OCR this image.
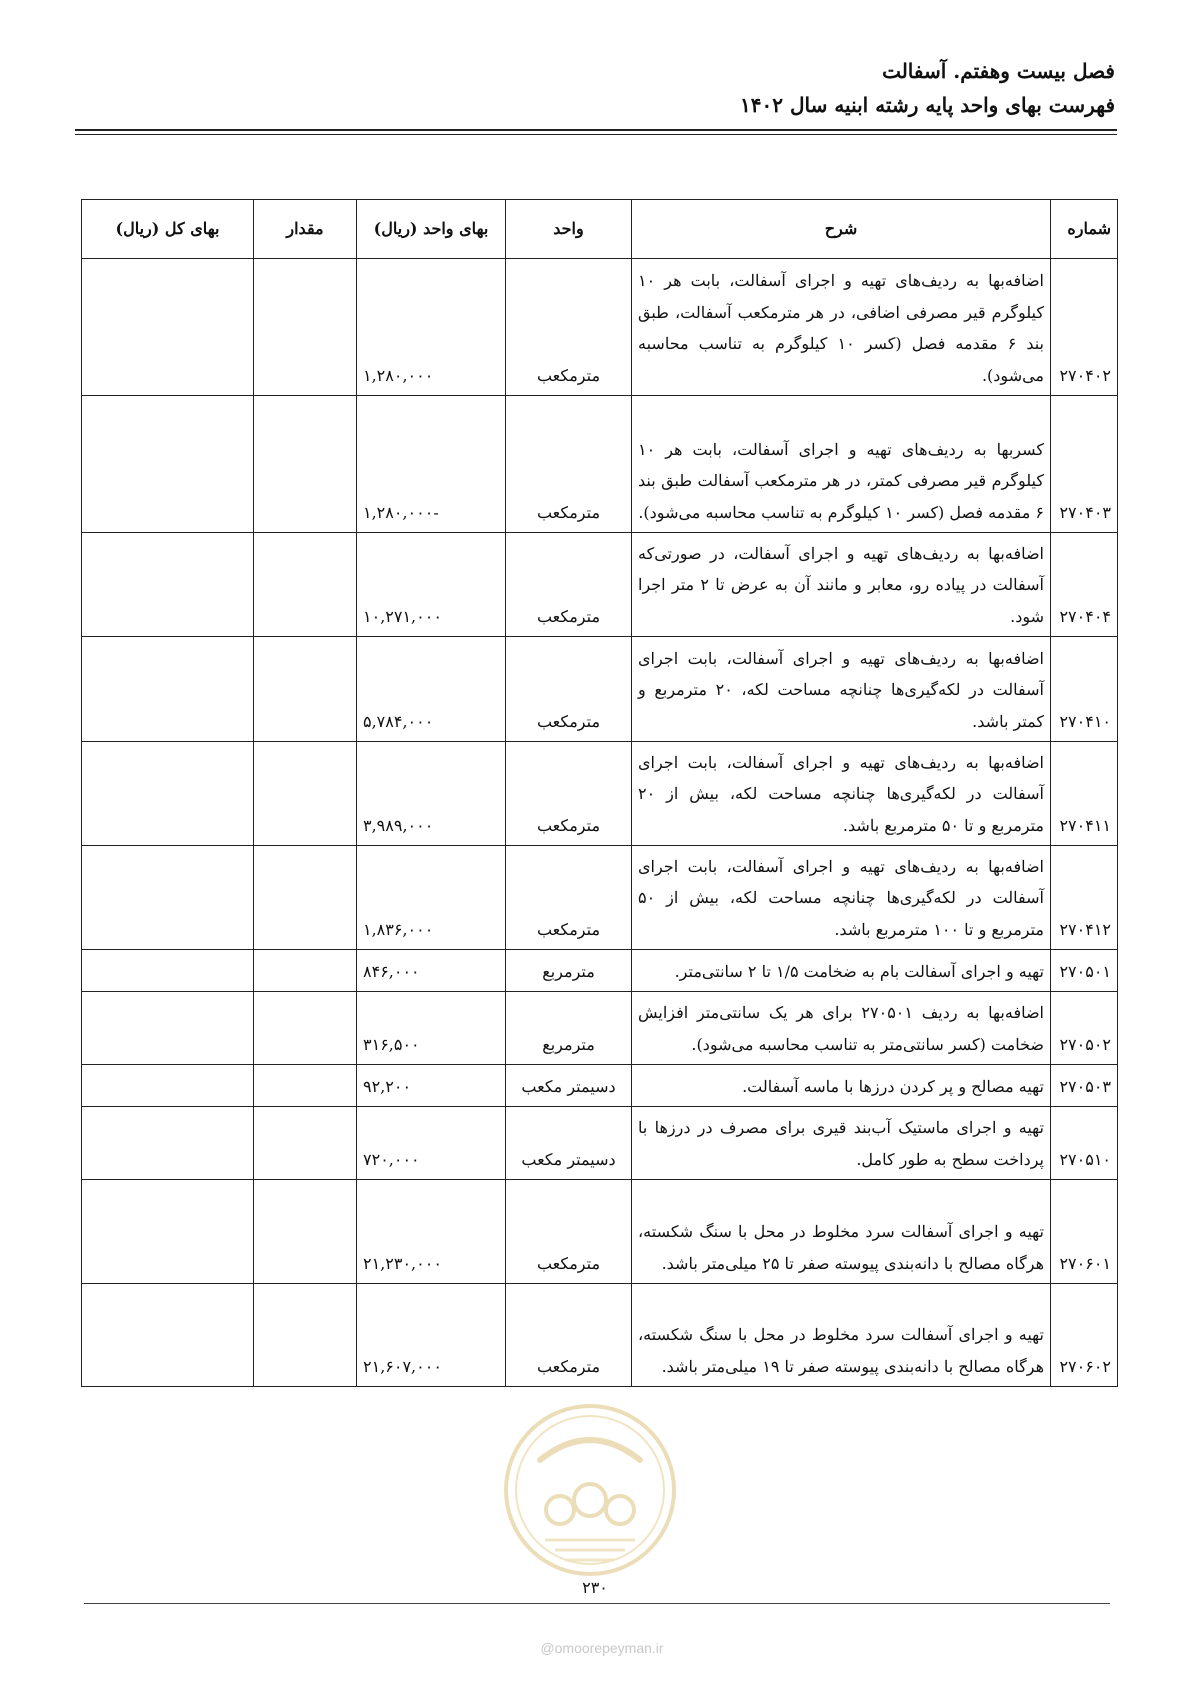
فصل بیست وهفتم. آسفالت
فهرست بهای واحد پایه رشته ابنیه سال ۱۴۰۲
شماره	شرح	واحد	بهای واحد (ریال)	مقدار	بهای کل (ریال)
۲۷۰۴۰۲	اضافه‌بها به ردیف‌های تهیه و اجرای آسفالت، بابت هر ۱۰ کیلوگرم قیر مصرفی اضافی، در هر مترمکعب آسفالت، طبق بند ۶ مقدمه فصل (کسر ۱۰ کیلوگرم به تناسب محاسبه می‌شود).	مترمکعب	۱,۲۸۰,۰۰۰		
۲۷۰۴۰۳	کسربها به ردیف‌های تهیه و اجرای آسفالت، بابت هر ۱۰ کیلوگرم قیر مصرفی کمتر، در هر مترمکعب آسفالت طبق بند ۶ مقدمه فصل (کسر ۱۰ کیلوگرم به تناسب محاسبه می‌شود).	مترمکعب	-۱,۲۸۰,۰۰۰		
۲۷۰۴۰۴	اضافه‌بها به ردیف‌های تهیه و اجرای آسفالت، در صورتی‌که آسفالت در پیاده رو، معابر و مانند آن به عرض تا ۲ متر اجرا شود.	مترمکعب	۱۰,۲۷۱,۰۰۰		
۲۷۰۴۱۰	اضافه‌بها به ردیف‌های تهیه و اجرای آسفالت، بابت اجرای آسفالت در لکه‌گیری‌ها چنانچه مساحت لکه، ۲۰ مترمربع و کمتر باشد.	مترمکعب	۵,۷۸۴,۰۰۰		
۲۷۰۴۱۱	اضافه‌بها به ردیف‌های تهیه و اجرای آسفالت، بابت اجرای آسفالت در لکه‌گیری‌ها چنانچه مساحت لکه، بیش از ۲۰ مترمربع و تا ۵۰ مترمربع باشد.	مترمکعب	۳,۹۸۹,۰۰۰		
۲۷۰۴۱۲	اضافه‌بها به ردیف‌های تهیه و اجرای آسفالت، بابت اجرای آسفالت در لکه‌گیری‌ها چنانچه مساحت لکه، بیش از ۵۰ مترمربع و تا ۱۰۰ مترمربع باشد.	مترمکعب	۱,۸۳۶,۰۰۰		
۲۷۰۵۰۱	تهیه و اجرای آسفالت بام به ضخامت ۱/۵ تا ۲ سانتی‌متر.	مترمربع	۸۴۶,۰۰۰		
۲۷۰۵۰۲	اضافه‌بها به ردیف ۲۷۰۵۰۱ برای هر یک سانتی‌متر افزایش ضخامت (کسر سانتی‌متر به تناسب محاسبه می‌شود).	مترمربع	۳۱۶,۵۰۰		
۲۷۰۵۰۳	تهیه مصالح و پر کردن درزها با ماسه آسفالت.	دسیمتر مکعب	۹۲,۲۰۰		
۲۷۰۵۱۰	تهیه و اجرای ماستیک آب‌بند قیری برای مصرف در درزها با پرداخت سطح به طور کامل.	دسیمتر مکعب	۷۲۰,۰۰۰		
۲۷۰۶۰۱	تهیه و اجرای آسفالت سرد مخلوط در محل با سنگ شکسته، هرگاه مصالح با دانه‌بندی پیوسته صفر تا ۲۵ میلی‌متر باشد.	مترمکعب	۲۱,۲۳۰,۰۰۰		
۲۷۰۶۰۲	تهیه و اجرای آسفالت سرد مخلوط در محل با سنگ شکسته، هرگاه مصالح با دانه‌بندی پیوسته صفر تا ۱۹ میلی‌متر باشد.	مترمکعب	۲۱,۶۰۷,۰۰۰		
۲۳۰
@omoorepeyman.ir
